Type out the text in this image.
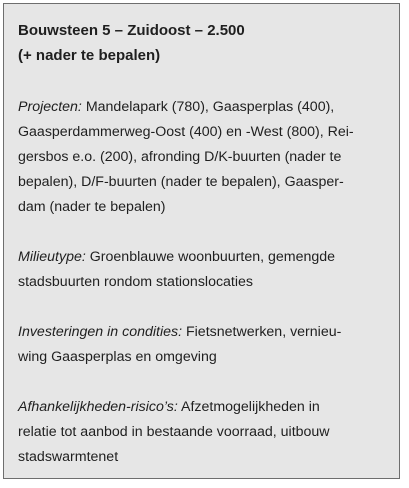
Bouwsteen 5 – Zuidoost – 2.500
(+ nader te bepalen)
Projecten: Mandelapark (780), Gaasperplas (400),
Gaasperdammerweg-Oost (400) en -West (800), Rei-
gersbos e.o. (200), afronding D/K-buurten (nader te
bepalen), D/F-buurten (nader te bepalen), Gaasper-
dam (nader te bepalen)
Milieutype: Groenblauwe woonbuurten, gemengde
stadsbuurten rondom stationslocaties
Investeringen in condities: Fietsnetwerken, vernieu-
wing Gaasperplas en omgeving
Afhankelijkheden-risico’s: Afzetmogelijkheden in
relatie tot aanbod in bestaande voorraad, uitbouw
stadswarmtenet
